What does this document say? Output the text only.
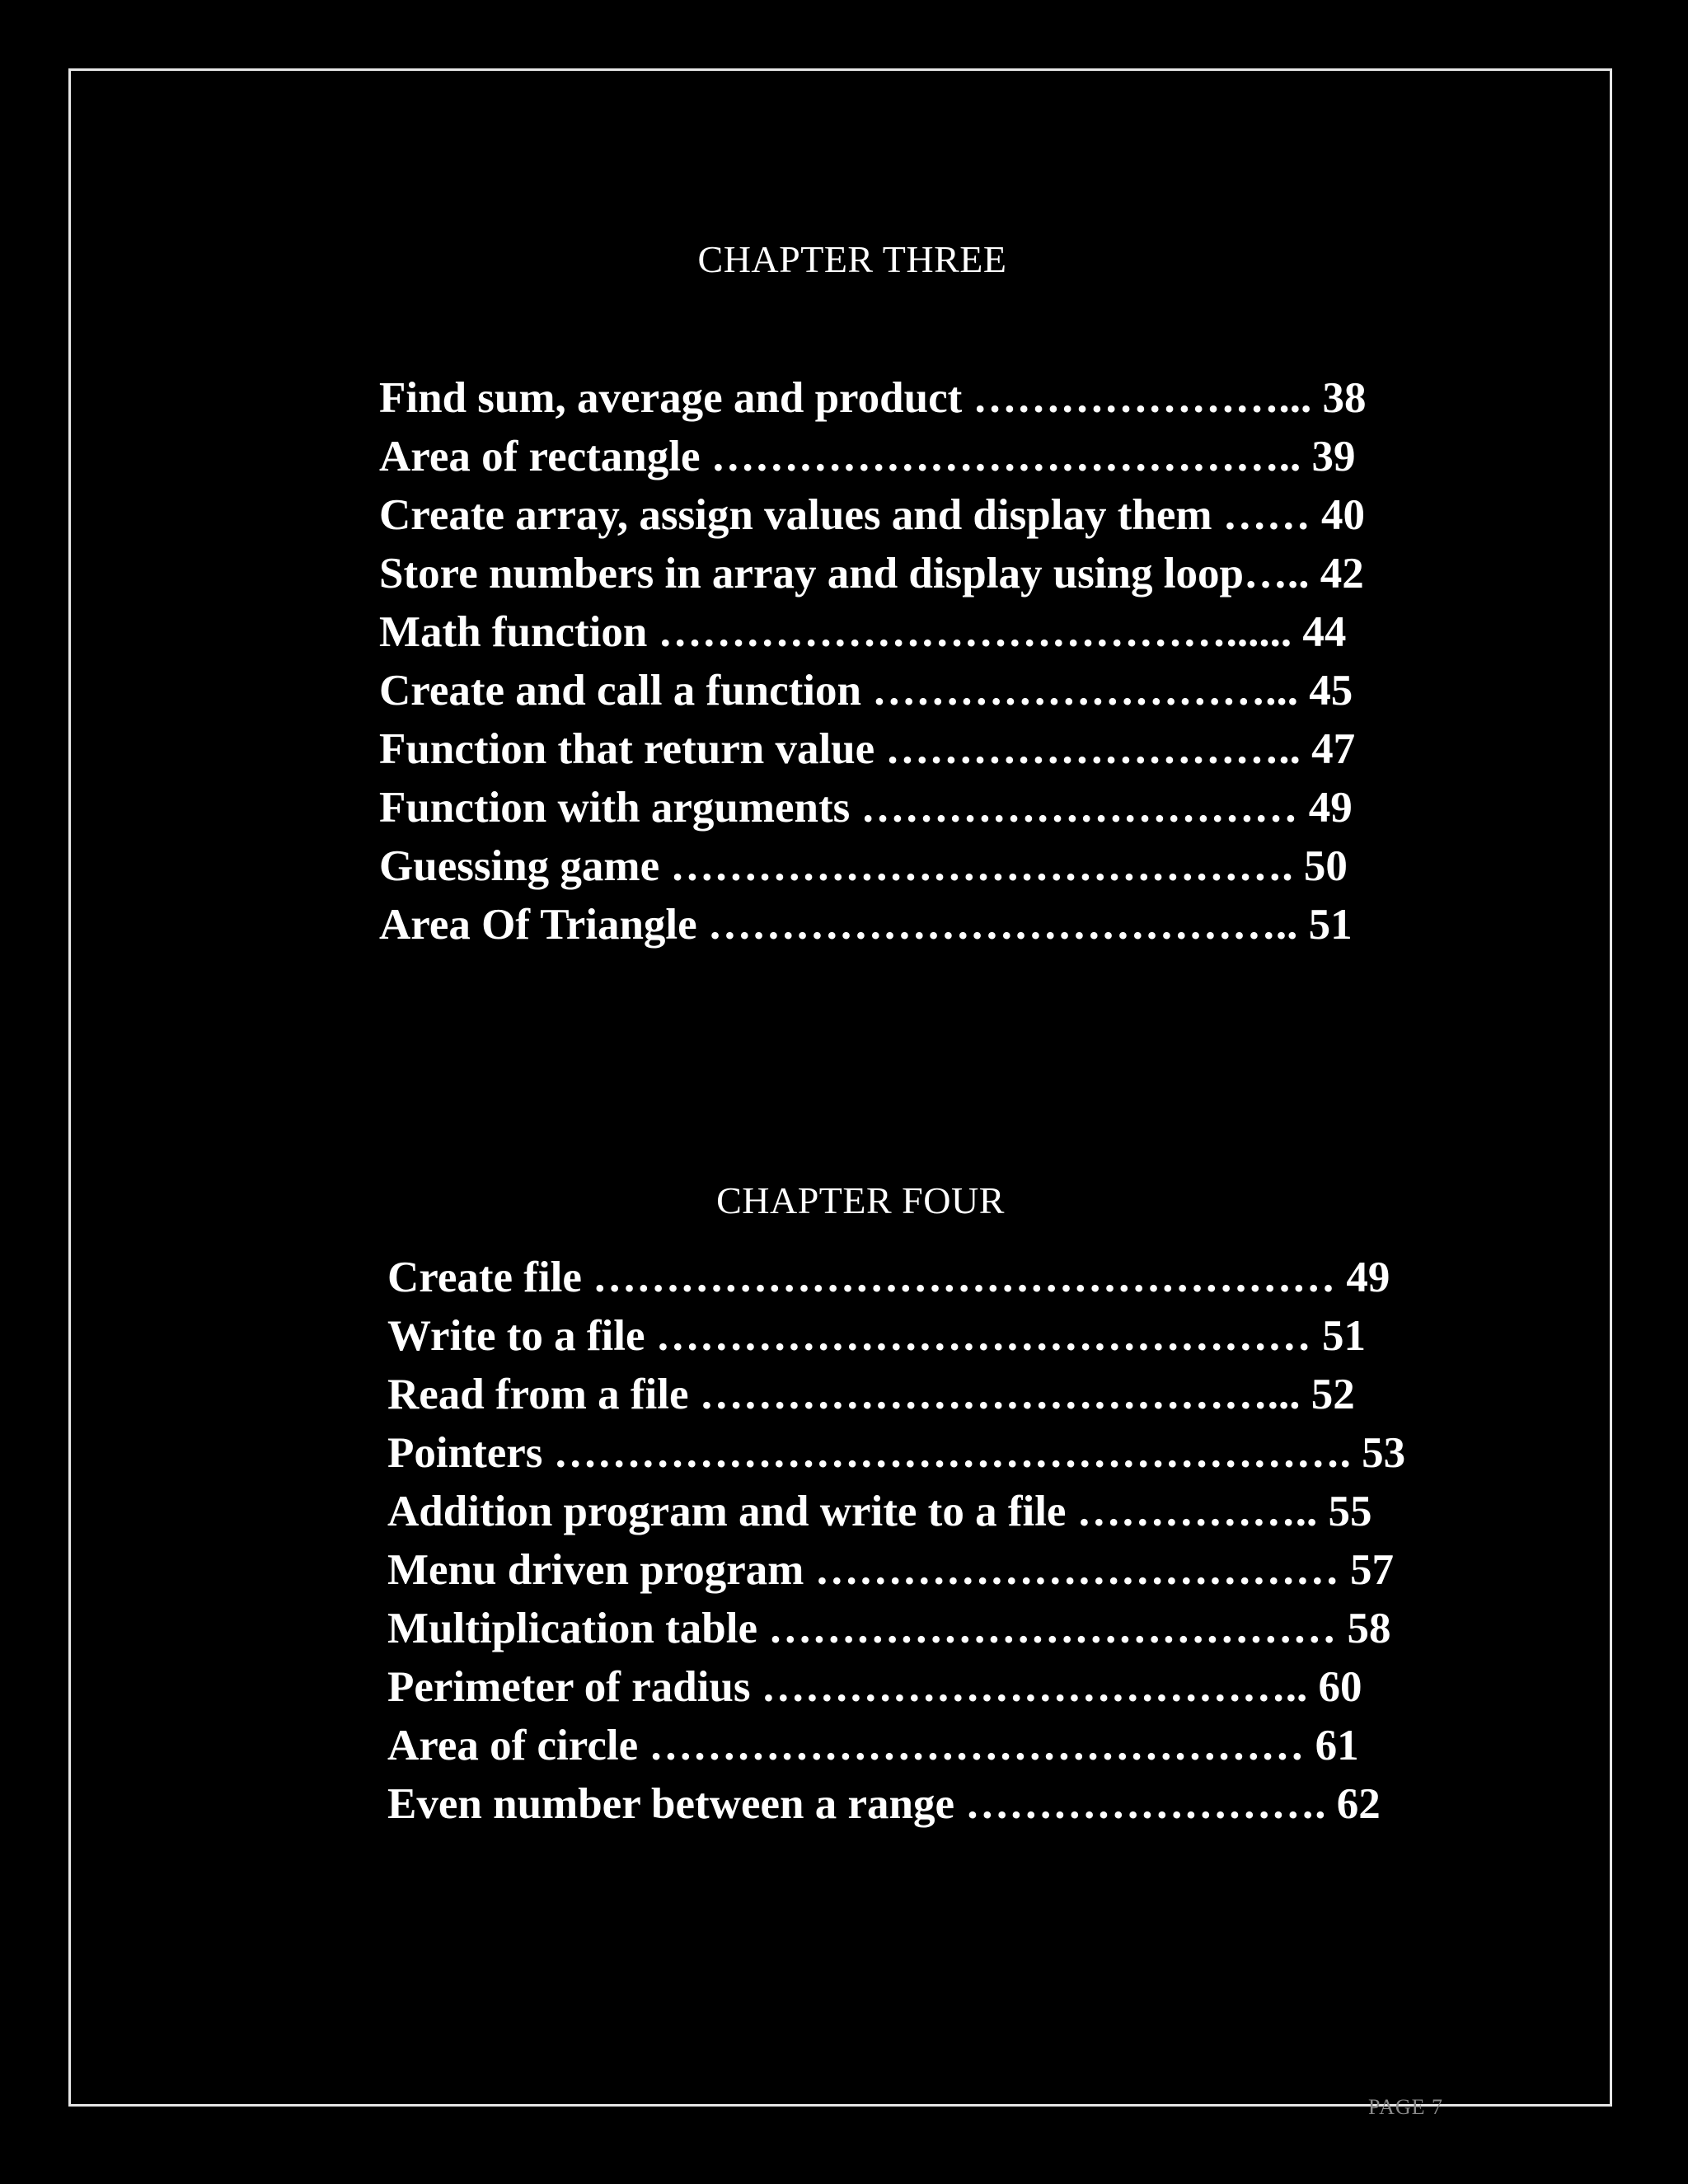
CHAPTER THREE
Find sum, average and product …………………... 38
Area of rectangle ………………………………….. 39
Create array, assign values and display them …… 40
Store numbers in array and display using loop….. 42
Math function …………………………………...... 44
Create and call a function ………………………... 45
Function that return value ……………………….. 47
Function with arguments ………………………… 49
Guessing game ……………………………………. 50
Area Of Triangle ………………………………….. 51
CHAPTER FOUR
Create file …………………………………………… 49
Write to a file ……………………………………… 51
Read from a file …………………………………... 52
Pointers ………………………………………………. 53
Addition program and write to a file …………….. 55
Menu driven program ……………………………… 57
Multiplication table ………………………………… 58
Perimeter of radius ……………………………….. 60
Area of circle ……………………………………… 61
Even number between a range ……………………. 62
PAGE 7
